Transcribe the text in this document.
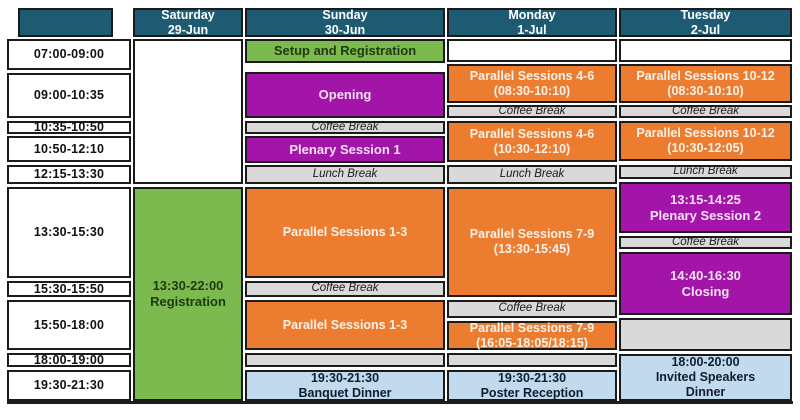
Saturday
29-Jun
Sunday
30-Jun
Monday
1-Jul
Tuesday
2-Jul
07:00-09:00
09:00-10:35
10:35-10:50
10:50-12:10
12:15-13:30
13:30-15:30
15:30-15:50
15:50-18:00
18:00-19:00
19:30-21:30
13:30-22:00
Registration
Setup and Registration
Opening
Coffee Break
Plenary Session 1
Lunch Break
Parallel Sessions 1-3
Coffee Break
Parallel Sessions 1-3
19:30-21:30
Banquet Dinner
Parallel Sessions 4-6
(08:30-10:10)
Coffee Break
Parallel Sessions 4-6
(10:30-12:10)
Lunch Break
Parallel Sessions 7-9
(13:30-15:45)
Coffee Break
Parallel Sessions 7-9
(16:05-18:05/18:15)
19:30-21:30
Poster Reception
Parallel Sessions 10-12
(08:30-10:10)
Coffee Break
Parallel Sessions 10-12
(10:30-12:05)
Lunch Break
13:15-14:25
Plenary Session 2
Coffee Break
14:40-16:30
Closing
18:00-20:00
Invited Speakers
Dinner
